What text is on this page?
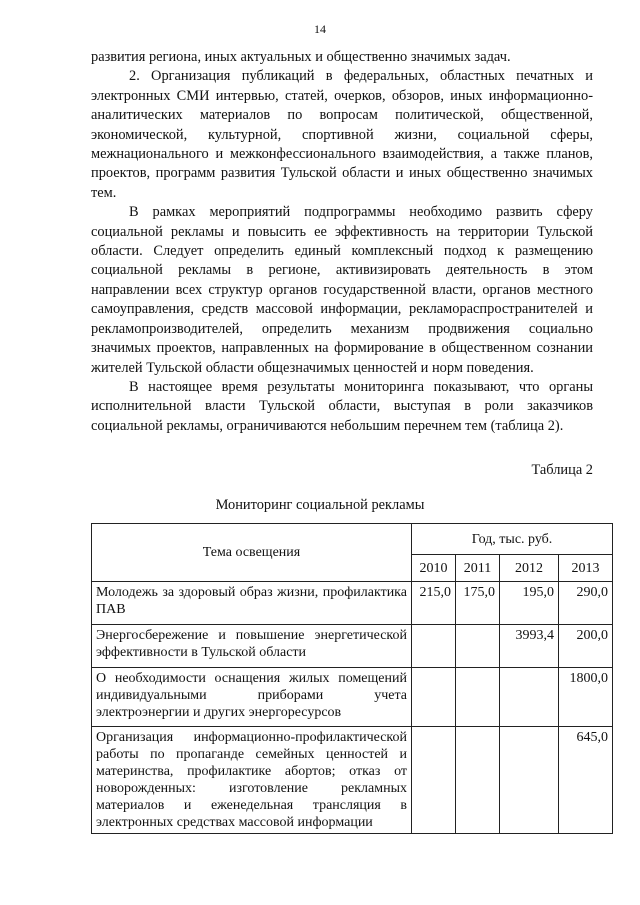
14

развития региона, иных актуальных и общественно значимых задач.

2. Организация публикаций в федеральных, областных печатных и электронных СМИ интервью, статей, очерков, обзоров, иных информационно-аналитических материалов по вопросам политической, общественной, экономической, культурной, спортивной жизни, социальной сферы, межнационального и межконфессионального взаимодействия, а также планов, проектов, программ развития Тульской области и иных общественно значимых тем.

В рамках мероприятий подпрограммы необходимо развить сферу социальной рекламы и повысить ее эффективность на территории Тульской области. Следует определить единый комплексный подход к размещению социальной рекламы в регионе, активизировать деятельность в этом направлении всех структур органов государственной власти, органов местного самоуправления, средств массовой информации, рекламораспространителей и рекламопроизводителей, определить механизм продвижения социально значимых проектов, направленных на формирование в общественном сознании жителей Тульской области общезначимых ценностей и норм поведения.

В настоящее время результаты мониторинга показывают, что органы исполнительной власти Тульской области, выступая в роли заказчиков социальной рекламы, ограничиваются небольшим перечнем тем (таблица 2).

Таблица 2
Мониторинг социальной рекламы
Тема освещения	Год, тыс. руб.			
	2010	2011	2012	2013
Молодежь за здоровый образ жизни, профилактика ПАВ	215,0	175,0	195,0	290,0
Энергосбережение и повышение энергетической эффективности в Тульской области			3993,4	200,0
О необходимости оснащения жилых помещений индивидуальными приборами учета электроэнергии и других энергоресурсов				1800,0
Организация информационно-профилактической работы по пропаганде семейных ценностей и материнства, профилактике абортов; отказ от новорожденных: изготовление рекламных материалов и еженедельная трансляция в электронных средствах массовой информации				645,0
